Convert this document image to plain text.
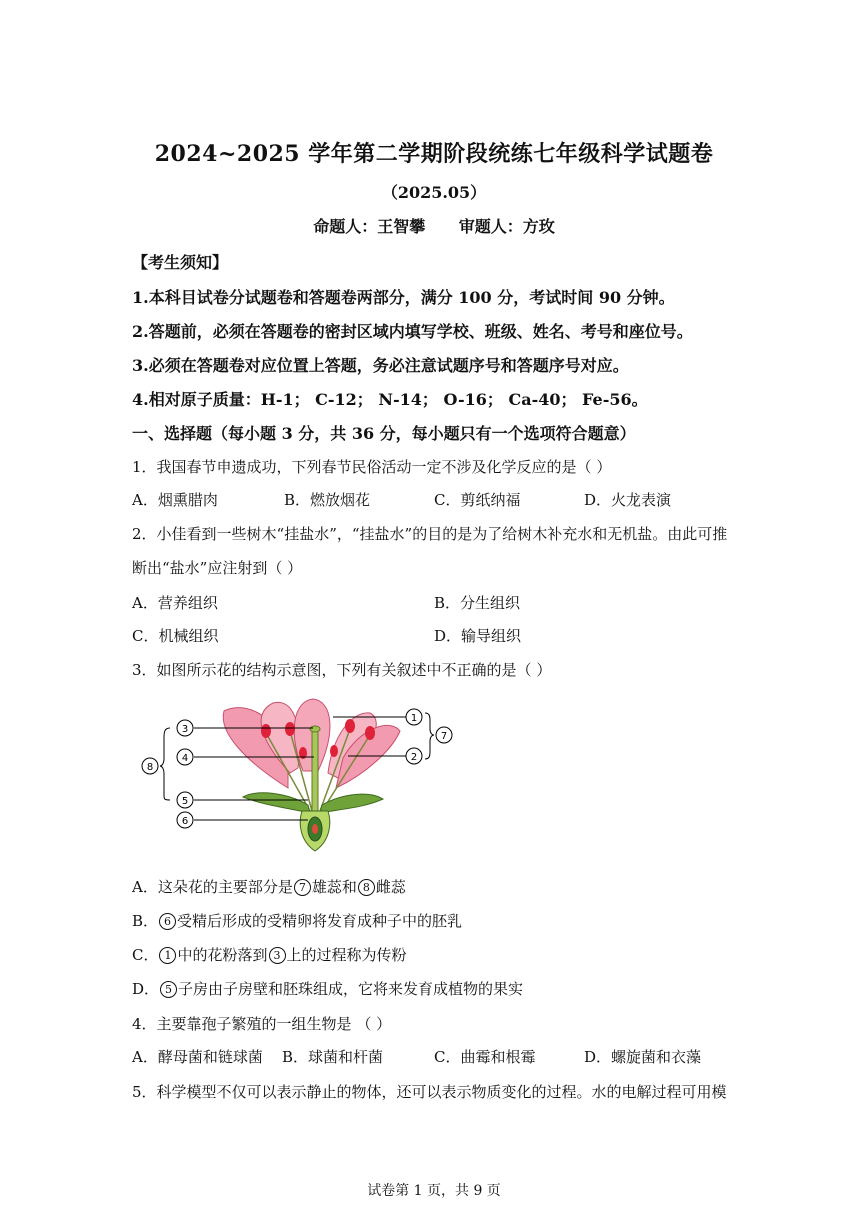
2024~2025 学年第二学期阶段统练七年级科学试题卷
（2025.05）
命题人：王智攀 审题人：方玫
【考生须知】
1.本科目试卷分试题卷和答题卷两部分，满分 100 分，考试时间 90 分钟。
2.答题前，必须在答题卷的密封区域内填写学校、班级、姓名、考号和座位号。
3.必须在答题卷对应位置上答题，务必注意试题序号和答题序号对应。
4.相对原子质量：H-1； C-12； N-14； O-16； Ca-40； Fe-56。
一、选择题（每小题 3 分，共 36 分，每小题只有一个选项符合题意）
1．我国春节申遗成功，下列春节民俗活动一定不涉及化学反应的是（ ）
A．烟熏腊肉	B．燃放烟花	C．剪纸纳福	D．火龙表演
2．小佳看到一些树木“挂盐水”，“挂盐水”的目的是为了给树木补充水和无机盐。由此可推
断出“盐水”应注射到（ ）
A．营养组织	B．分生组织
C．机械组织	D．输导组织
3．如图所示花的结构示意图，下列有关叙述中不正确的是（ ）
3
4
5
6
8
1
2
7
A．这朵花的主要部分是 7 雄蕊和 8 雌蕊
B． 6 受精后形成的受精卵将发育成种子中的胚乳
C． 1 中的花粉落到 3 上的过程称为传粉
D． 5 子房由子房壁和胚珠组成，它将来发育成植物的果实
4．主要靠孢子繁殖的一组生物是 （ ）
A．酵母菌和链球菌 B．球菌和杆菌	C．曲霉和根霉	D．螺旋菌和衣藻
5．科学模型不仅可以表示静止的物体，还可以表示物质变化的过程。水的电解过程可用模
试卷第 1 页，共 9 页
